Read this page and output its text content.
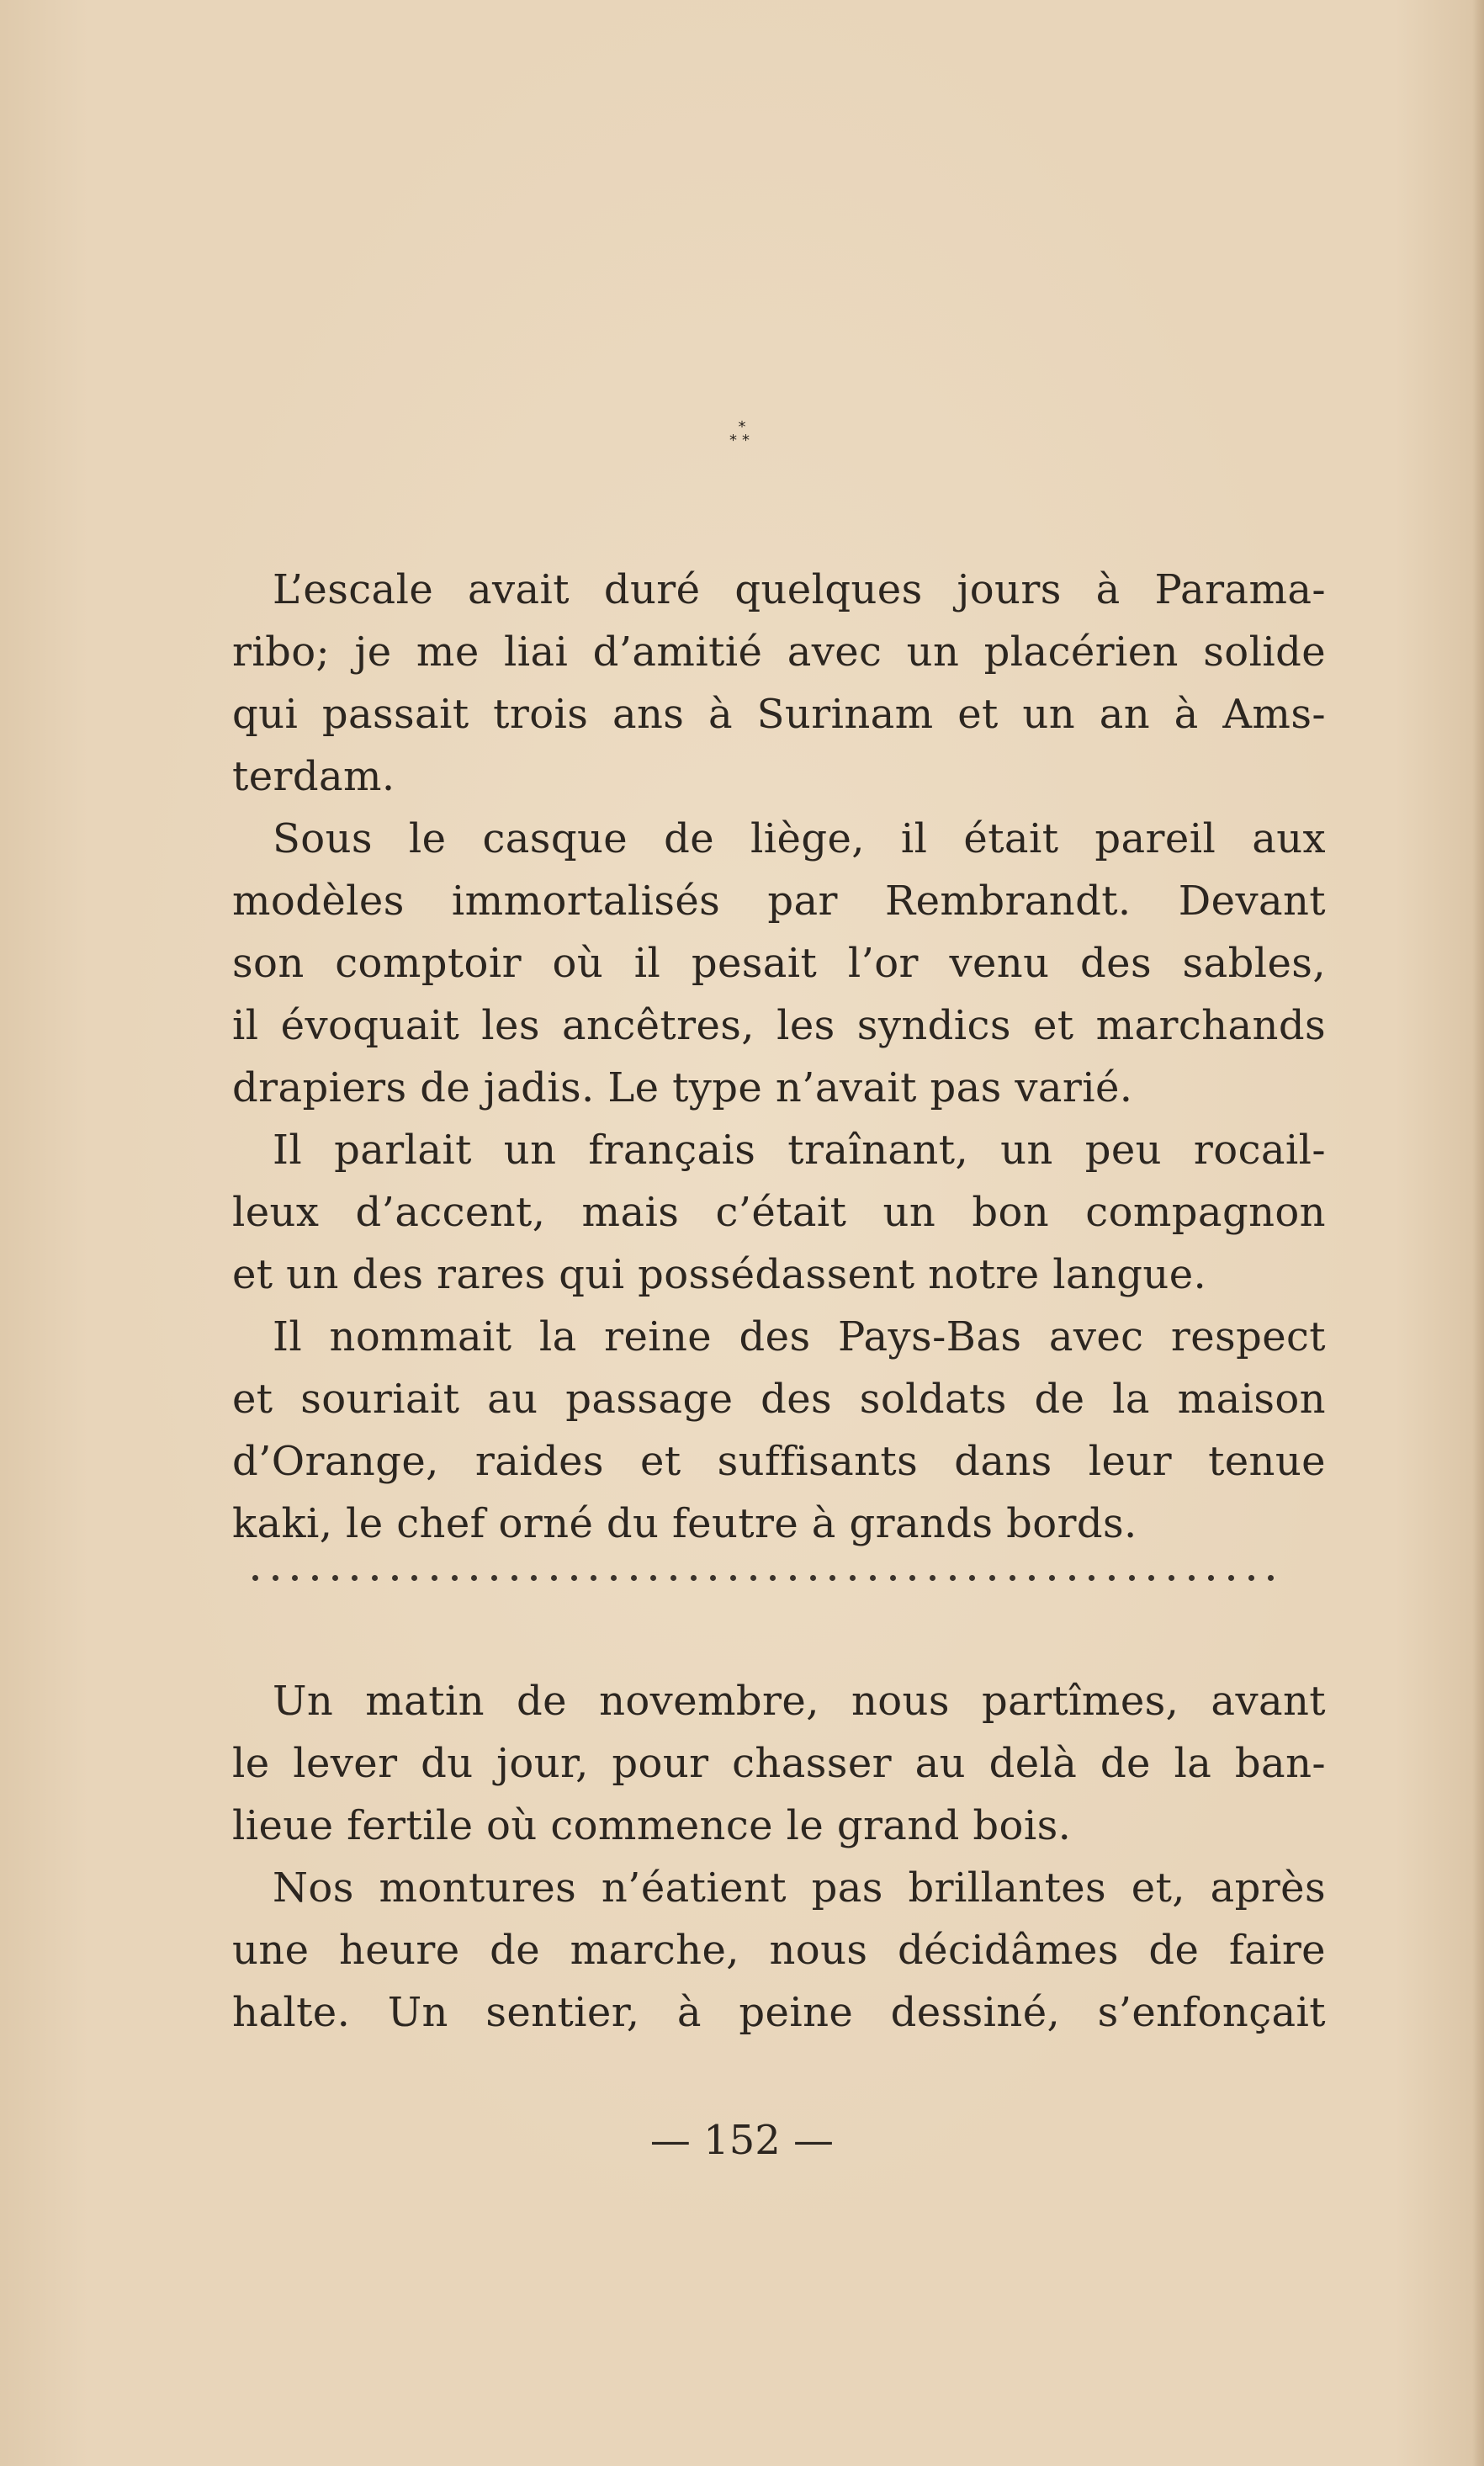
*
**
L’escale avait duré quelques jours à Parama-
ribo; je me liai d’amitié avec un placérien solide
qui passait trois ans à Surinam et un an à Ams-
terdam.
Sous le casque de liège, il était pareil aux
modèles immortalisés par Rembrandt. Devant
son comptoir où il pesait l’or venu des sables,
il évoquait les ancêtres, les syndics et marchands
drapiers de jadis. Le type n’avait pas varié.
Il parlait un français traînant, un peu rocail-
leux d’accent, mais c’était un bon compagnon
et un des rares qui possédassent notre langue.
Il nommait la reine des Pays-Bas avec respect
et souriait au passage des soldats de la maison
d’Orange, raides et suffisants dans leur tenue
kaki, le chef orné du feutre à grands bords.
Un matin de novembre, nous partîmes, avant
le lever du jour, pour chasser au delà de la ban-
lieue fertile où commence le grand bois.
Nos montures n’éatient pas brillantes et, après
une heure de marche, nous décidâmes de faire
halte. Un sentier, à peine dessiné, s’enfonçait
— 152 —
